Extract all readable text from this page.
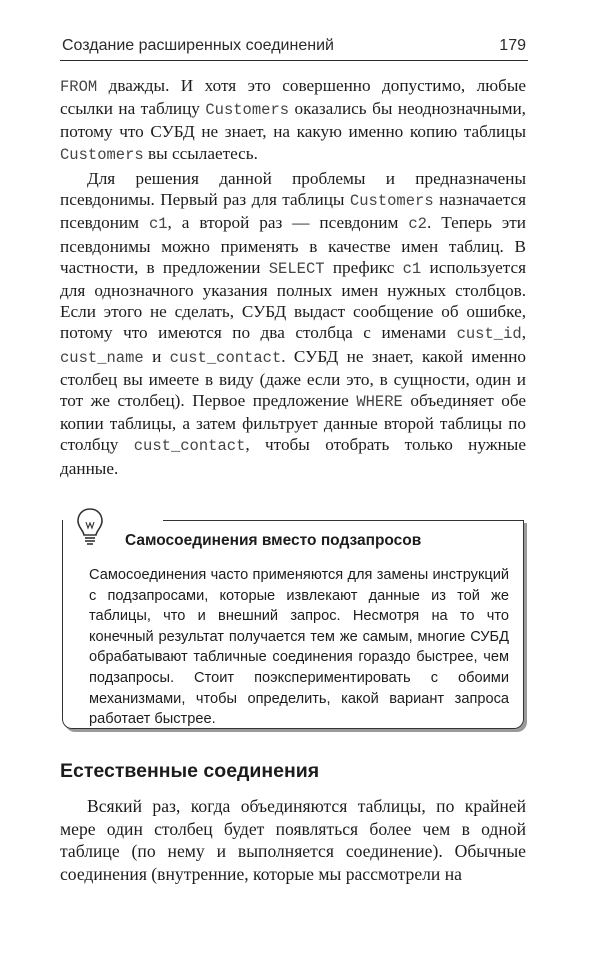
Создание расширенных соединений	179

FROM дважды. И хотя это совершенно допустимо, любые ссылки на таблицу Customers оказались бы неоднозначными, потому что СУБД не знает, на какую именно копию таблицы Customers вы ссылаетесь.

Для решения данной проблемы и предназначены псевдонимы. Первый раз для таблицы Customers назначается псевдоним c1, а второй раз — псевдоним c2. Теперь эти псевдонимы можно применять в качестве имен таблиц. В частности, в предложении SELECT префикс c1 используется для однозначного указания полных имен нужных столбцов. Если этого не сделать, СУБД выдаст сообщение об ошибке, потому что имеются по два столбца с именами cust_id, cust_name и cust_contact. СУБД не знает, какой именно столбец вы имеете в виду (даже если это, в сущности, один и тот же столбец). Первое предложение WHERE объединяет обе копии таблицы, а затем фильтрует данные второй таблицы по столбцу cust_contact, чтобы отобрать только нужные данные.

Самосоединения вместо подзапросов

Самосоединения часто применяются для замены инструкций с подзапросами, которые извлекают данные из той же таблицы, что и внешний запрос. Несмотря на то что конечный результат получается тем же самым, многие СУБД обрабатывают табличные соединения гораздо быстрее, чем подзапросы. Стоит поэкспериментировать с обоими механизмами, чтобы определить, какой вариант запроса работает быстрее.

Естественные соединения

Всякий раз, когда объединяются таблицы, по крайней мере один столбец будет появляться более чем в одной таблице (по нему и выполняется соединение). Обычные соединения (внутренние, которые мы рассмотрели на
